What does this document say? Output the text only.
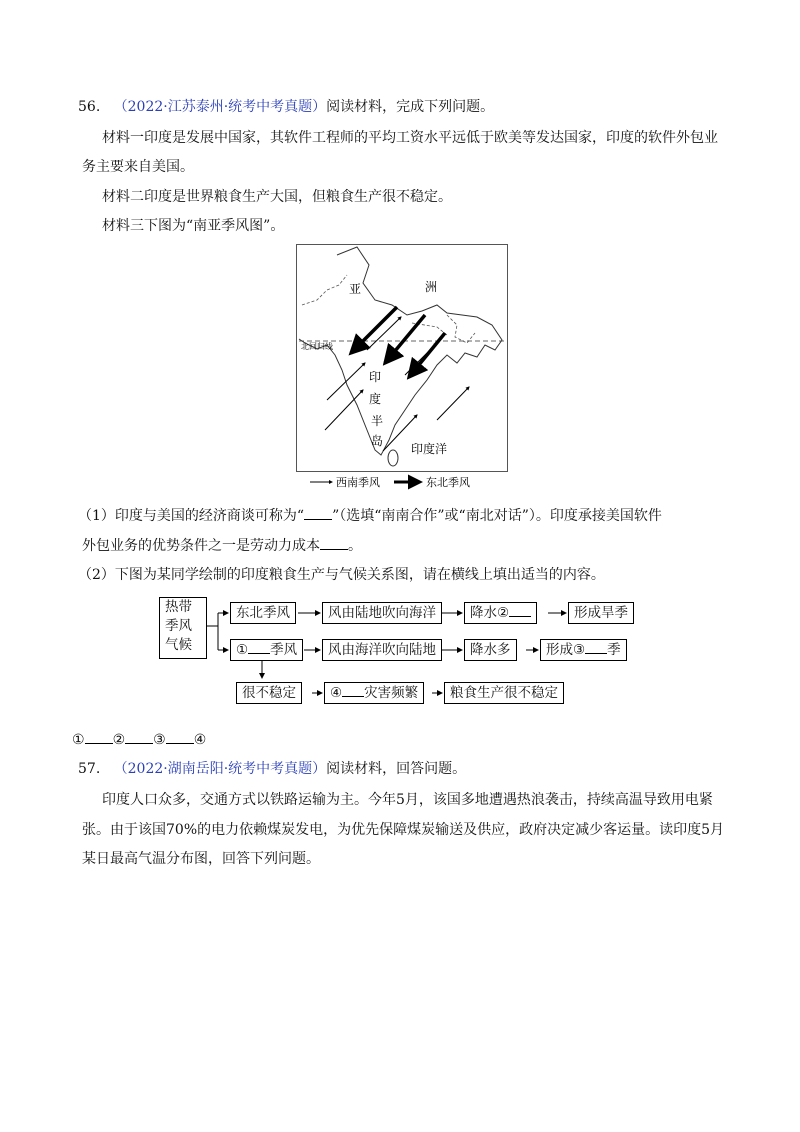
56. （2022·江苏泰州·统考中考真题）阅读材料，完成下列问题。
材料一印度是发展中国家，其软件工程师的平均工资水平远低于欧美等发达国家，印度的软件外包业
务主要来自美国。
材料二印度是世界粮食生产大国，但粮食生产很不稳定。
材料三下图为“南亚季风图”。
亚	洲
北回归线
印
度
半
岛
印度洋
西南季风	东北季风
（1）印度与美国的经济商谈可称为“ ”（选填“南南合作”或“南北对话”）。印度承接美国软件
外包业务的优势条件之一是劳动力成本 。
（2）下图为某同学绘制的印度粮食生产与气候关系图，请在横线上填出适当的内容。
热带
季风
气候
东北季风	风由陆地吹向海洋	降水②	形成旱季
① 季风	风由海洋吹向陆地	降水多	形成③ 季
很不稳定	④ 灾害频繁	粮食生产很不稳定
① ② ③ ④
57. （2022·湖南岳阳·统考中考真题）阅读材料，回答问题。
印度人口众多，交通方式以铁路运输为主。今年5月，该国多地遭遇热浪袭击，持续高温导致用电紧
张。由于该国70%的电力依赖煤炭发电，为优先保障煤炭输送及供应，政府决定减少客运量。读印度5月
某日最高气温分布图，回答下列问题。
